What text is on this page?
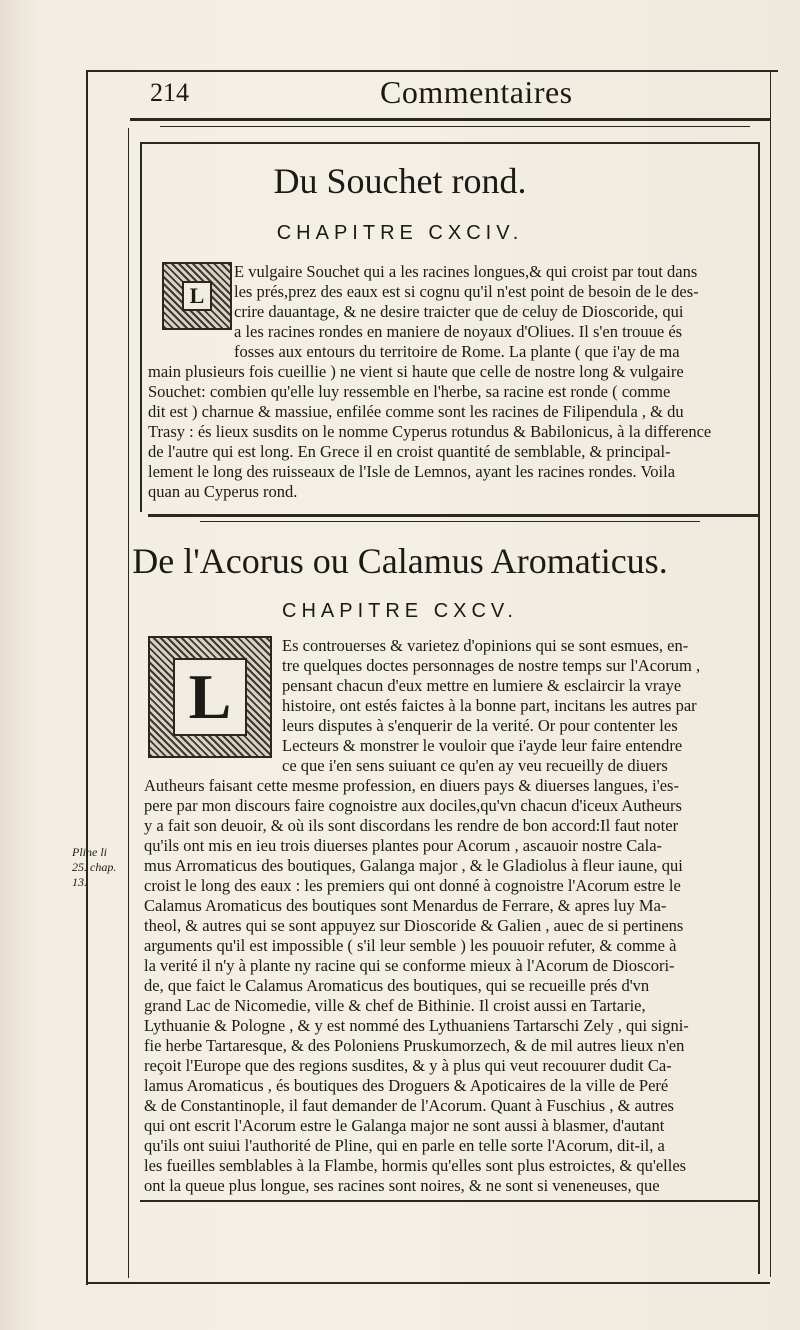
214	Commentaires
Du Souchet rond.
CHAPITRE CXCIV.
L
E vulgaire Souchet qui a les racines longues,& qui croist par tout dans
les prés,prez des eaux est si cognu qu'il n'est point de besoin de le des-
crire dauantage, & ne desire traicter que de celuy de Dioscoride, qui
a les racines rondes en maniere de noyaux d'Oliues. Il s'en trouue és
fosses aux entours du territoire de Rome. La plante ( que i'ay de ma
main plusieurs fois cueillie ) ne vient si haute que celle de nostre long & vulgaire
Souchet: combien qu'elle luy ressemble en l'herbe, sa racine est ronde ( comme
dit est ) charnue & massiue, enfilée comme sont les racines de Filipendula , & du
Trasy : és lieux susdits on le nomme Cyperus rotundus & Babilonicus, à la difference
de l'autre qui est long. En Grece il en croist quantité de semblable, & principal-
lement le long des ruisseaux de l'Isle de Lemnos, ayant les racines rondes. Voila
quan au Cyperus rond.
De l'Acorus ou Calamus Aromaticus.
CHAPITRE CXCV.
L
Es controuerses & varietez d'opinions qui se sont esmues, en-
tre quelques doctes personnages de nostre temps sur l'Acorum ,
pensant chacun d'eux mettre en lumiere & esclaircir la vraye
histoire, ont estés faictes à la bonne part, incitans les autres par
leurs disputes à s'enquerir de la verité. Or pour contenter les
Lecteurs & monstrer le vouloir que i'ayde leur faire entendre
ce que i'en sens suiuant ce qu'en ay veu recueilly de diuers
Autheurs faisant cette mesme profession, en diuers pays & diuerses langues, i'es-
pere par mon discours faire cognoistre aux dociles,qu'vn chacun d'iceux Autheurs
y a fait son deuoir, & où ils sont discordans les rendre de bon accord:Il faut noter
qu'ils ont mis en ieu trois diuerses plantes pour Acorum , ascauoir nostre Cala-
mus Arromaticus des boutiques, Galanga major , & le Gladiolus à fleur iaune, qui
croist le long des eaux : les premiers qui ont donné à cognoistre l'Acorum estre le
Calamus Aromaticus des boutiques sont Menardus de Ferrare, & apres luy Ma-
theol, & autres qui se sont appuyez sur Dioscoride & Galien , auec de si pertinens
arguments qu'il est impossible ( s'il leur semble ) les pouuoir refuter, & comme à
la verité il n'y à plante ny racine qui se conforme mieux à l'Acorum de Dioscori-
de, que faict le Calamus Aromaticus des boutiques, qui se recueille prés d'vn
grand Lac de Nicomedie, ville & chef de Bithinie. Il croist aussi en Tartarie,
Lythuanie & Pologne , & y est nommé des Lythuaniens Tartarschi Zely , qui signi-
fie herbe Tartaresque, & des Poloniens Pruskumorzech, & de mil autres lieux n'en
reçoit l'Europe que des regions susdites, & y à plus qui veut recouurer dudit Ca-
lamus Aromaticus , és boutiques des Droguers & Apoticaires de la ville de Peré
& de Constantinople, il faut demander de l'Acorum. Quant à Fuschius , & autres
qui ont escrit l'Acorum estre le Galanga major ne sont aussi à blasmer, d'autant
qu'ils ont suiui l'authorité de Pline, qui en parle en telle sorte l'Acorum, dit-il, a
les fueilles semblables à la Flambe, hormis qu'elles sont plus estroictes, & qu'elles
ont la queue plus longue, ses racines sont noires, & ne sont si veneneuses, que
Pline li
25. chap.
13.
